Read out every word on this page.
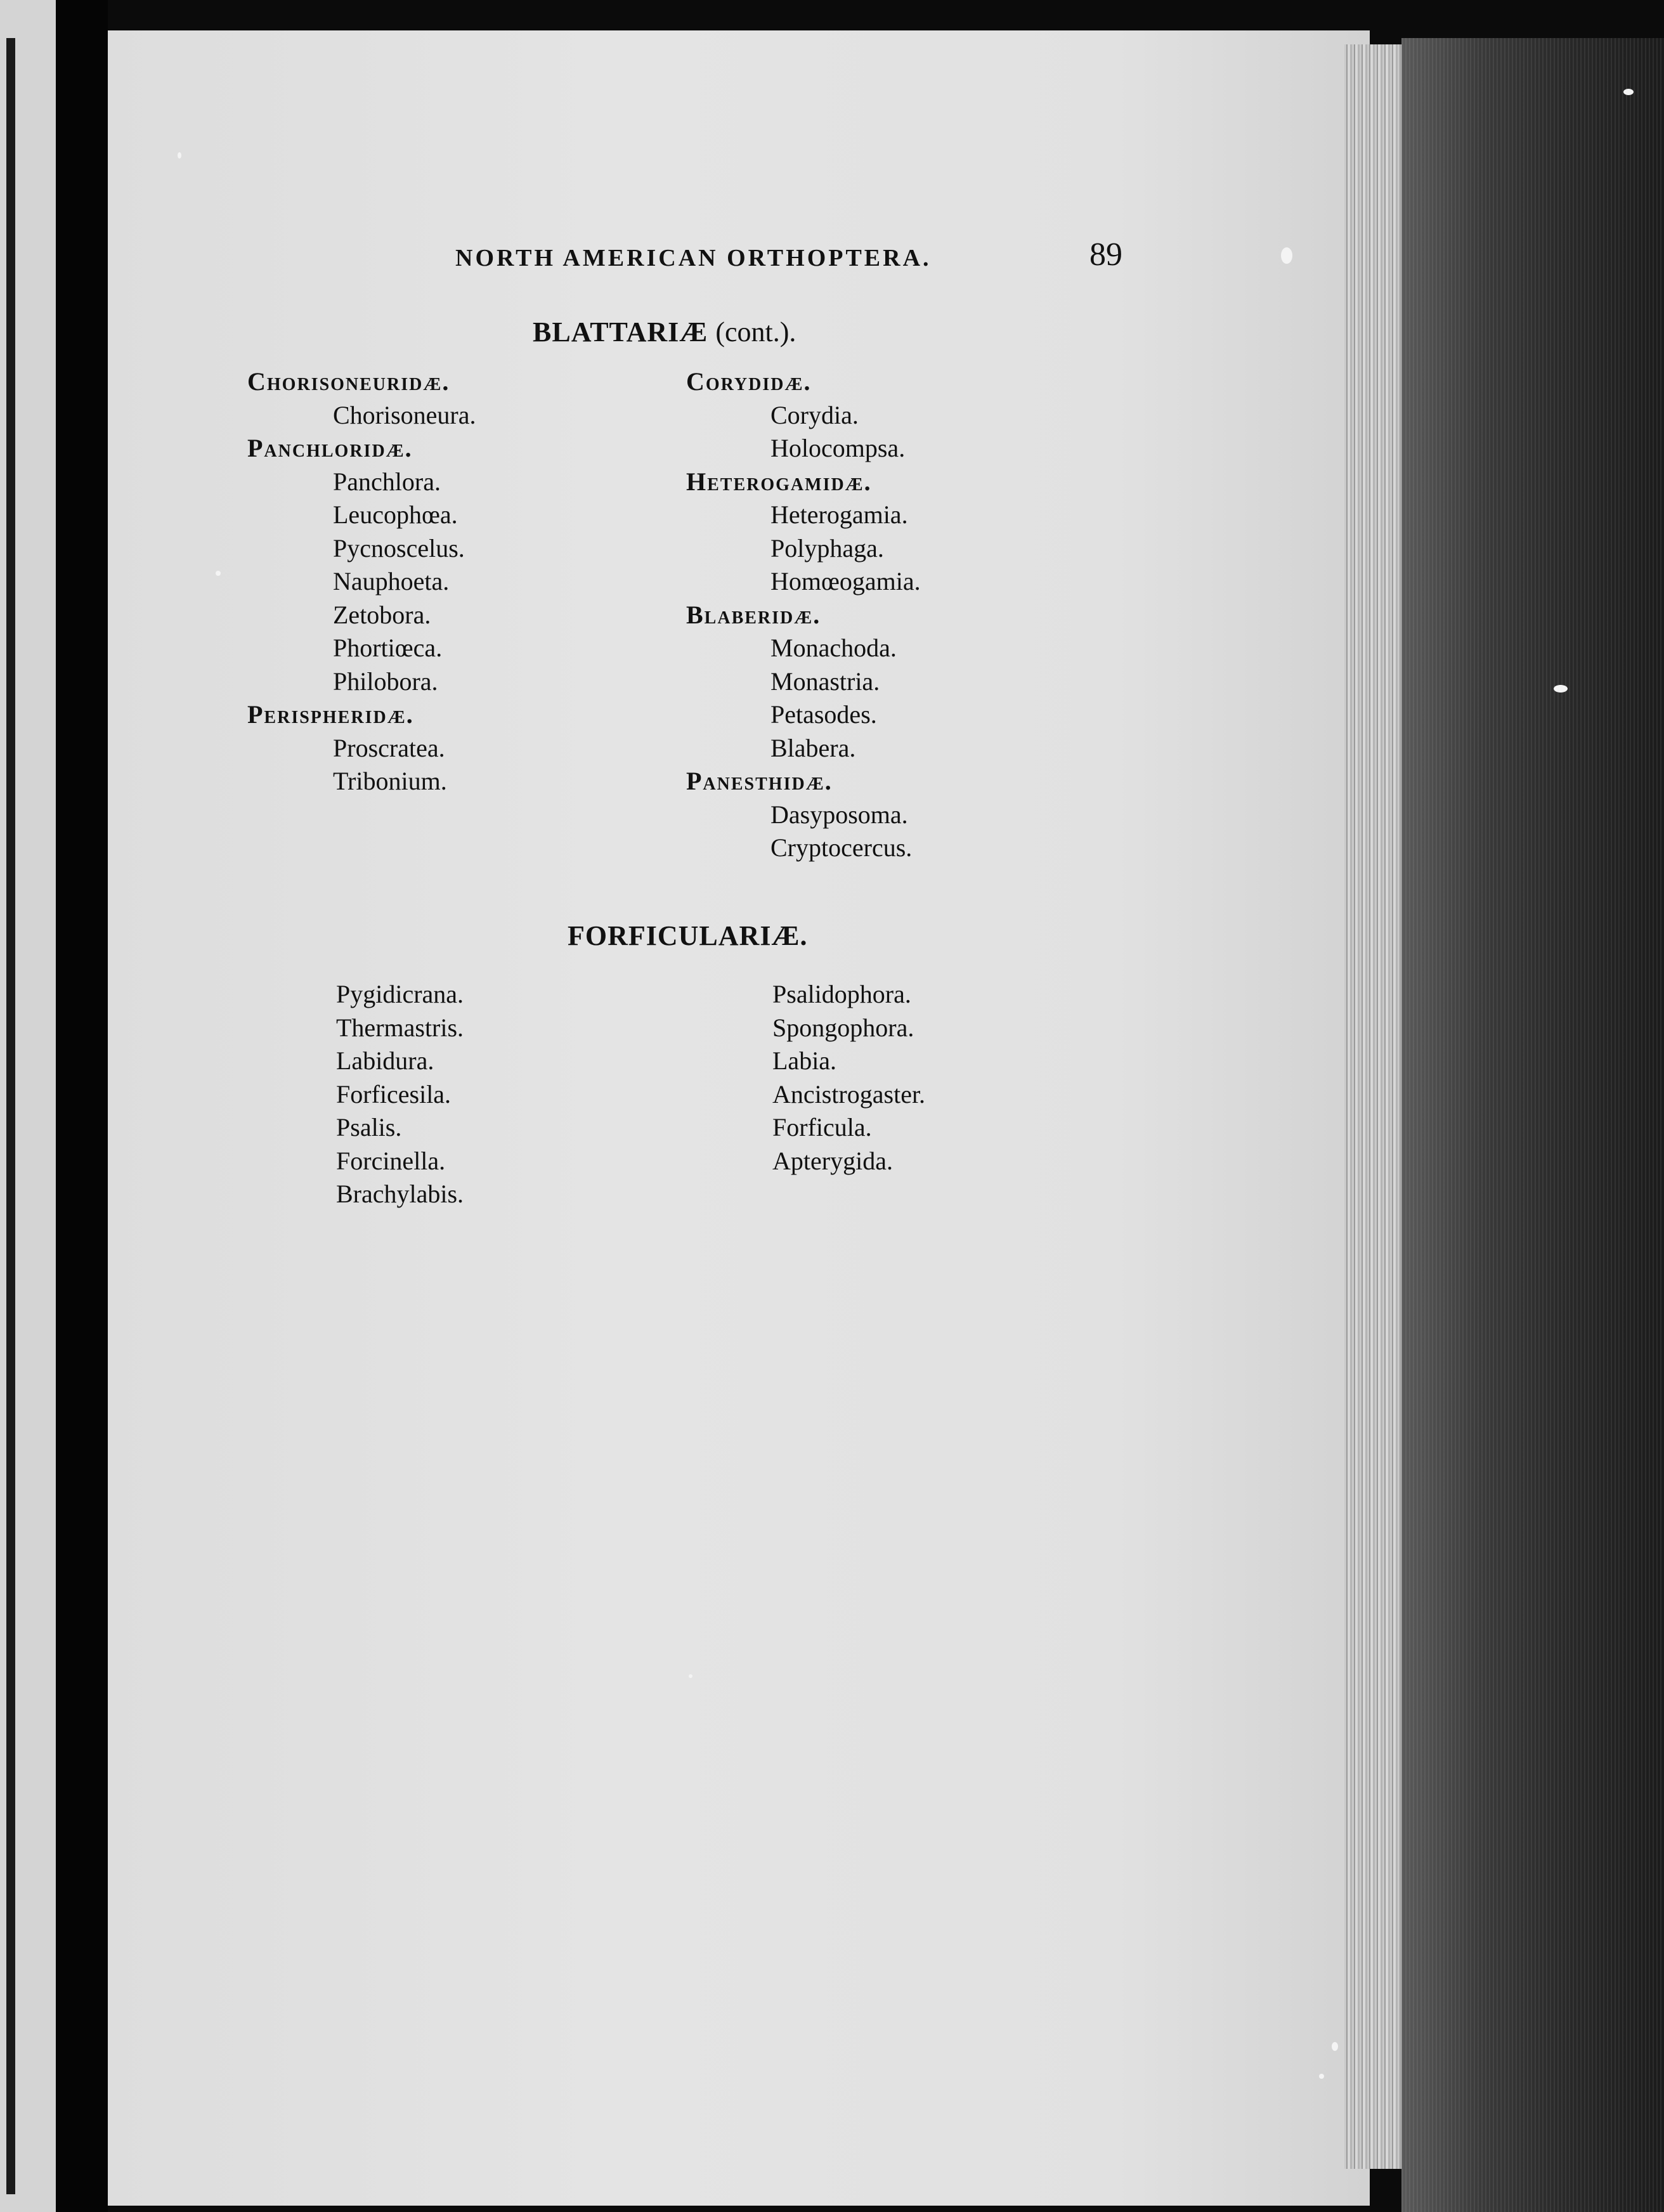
NORTH AMERICAN ORTHOPTERA.	89
BLATTARIÆ (cont.).
FORFICULARIÆ.
Chorisoneuridæ.
Chorisoneura.
Panchloridæ.
Panchlora.
Leucophœa.
Pycnoscelus.
Nauphoeta.
Zetobora.
Phortiœca.
Philobora.
Perispheridæ.
Proscratea.
Tribonium.
Corydidæ.
Corydia.
Holocompsa.
Heterogamidæ.
Heterogamia.
Polyphaga.
Homœogamia.
Blaberidæ.
Monachoda.
Monastria.
Petasodes.
Blabera.
Panesthidæ.
Dasyposoma.
Cryptocercus.
Pygidicrana.
Thermastris.
Labidura.
Forficesila.
Psalis.
Forcinella.
Brachylabis.
Psalidophora.
Spongophora.
Labia.
Ancistrogaster.
Forficula.
Apterygida.
